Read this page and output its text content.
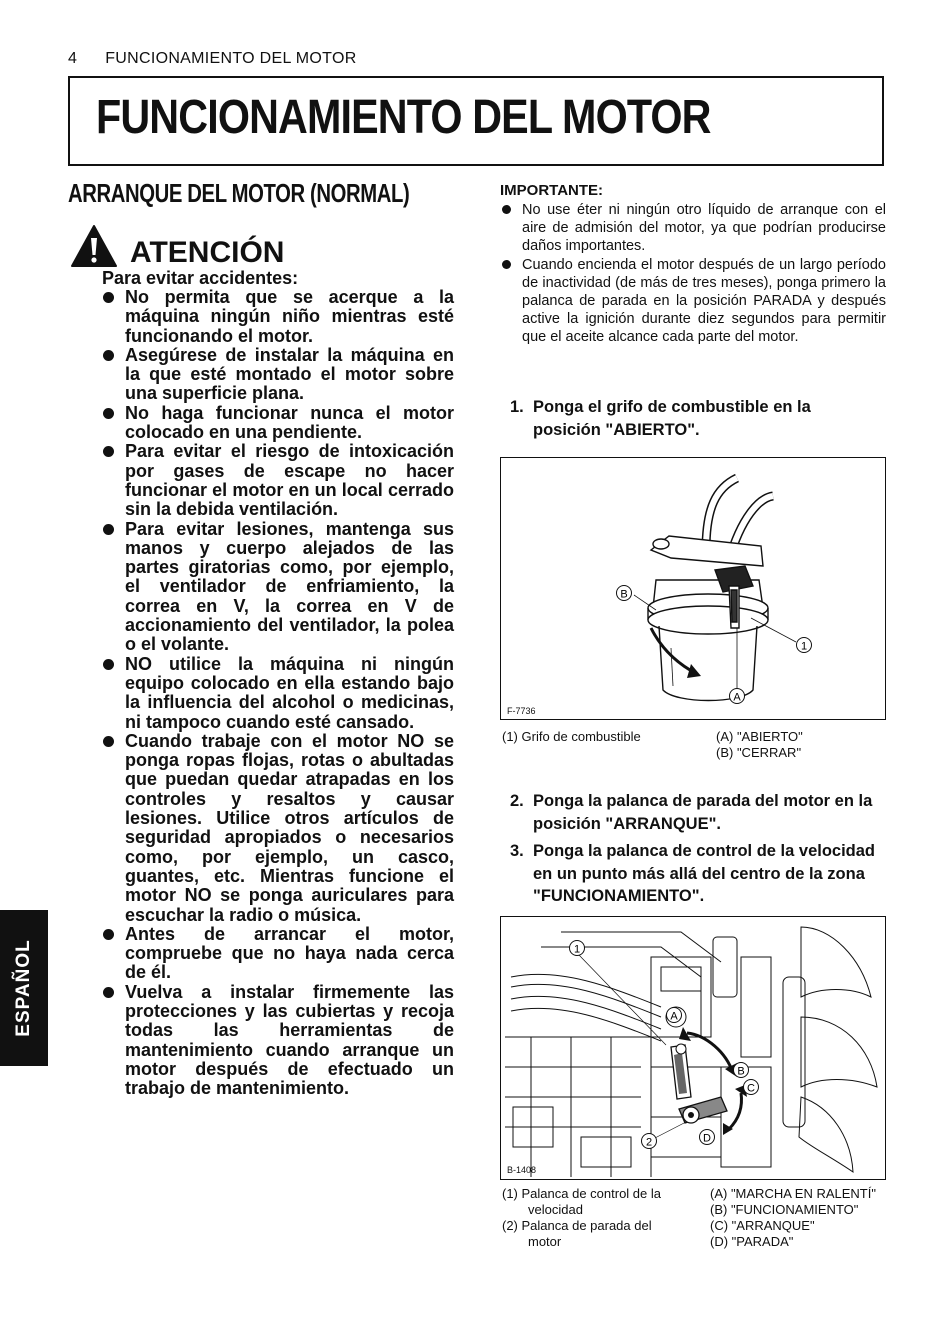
4 FUNCIONAMIENTO DEL MOTOR
FUNCIONAMIENTO DEL MOTOR
ARRANQUE DEL MOTOR (NORMAL)
ATENCIÓN
Para evitar accidentes:
No permita que se acerque a la máquina ningún niño mientras esté funcionando el motor.
Asegúrese de instalar la máquina en la que esté montado el motor sobre una superficie plana.
No haga funcionar nunca el motor colocado en una pendiente.
Para evitar el riesgo de intoxicación por gases de escape no hacer funcionar el motor en un local cerrado sin la debida ventilación.
Para evitar lesiones, mantenga sus manos y cuerpo alejados de las partes giratorias como, por ejemplo, el ventilador de enfriamiento, la correa en V, la correa en V de accionamiento del ventilador, la polea o el volante.
NO utilice la máquina ni ningún equipo colocado en ella estando bajo la influencia del alcohol o medicinas, ni tampoco cuando esté cansado.
Cuando trabaje con el motor NO se ponga ropas flojas, rotas o abultadas que puedan quedar atrapadas en los controles y resaltos y causar lesiones. Utilice otros artículos de seguridad apropiados o necesarios como, por ejemplo, un casco, guantes, etc. Mientras funcione el motor NO se ponga auriculares para escuchar la radio o música.
Antes de arrancar el motor, compruebe que no haya nada cerca de él.
Vuelva a instalar firmemente las protecciones y las cubiertas y recoja todas las herramientas de mantenimiento cuando arranque un motor después de efectuado un trabajo de mantenimiento.
IMPORTANTE:
No use éter ni ningún otro líquido de arranque con el aire de admisión del motor, ya que podrían producirse daños importantes.
Cuando encienda el motor después de un largo período de inactividad (de más de tres meses), ponga primero la palanca de parada en la posición PARADA y después active la ignición durante diez segundos para permitir que el aceite alcance cada parte del motor.
1. Ponga el grifo de combustible en la posición "ABIERTO".
B
1
A
F-7736
(1) Grifo de combustible	(A) "ABIERTO"
(B) "CERRAR"
2. Ponga la palanca de parada del motor en la posición "ARRANQUE".
3. Ponga la palanca de control de la velocidad en un punto más allá del centro de la zona "FUNCIONAMIENTO".
1
2
A
B
C
D
B-1408
(1) Palanca de control de la
velocidad
(2) Palanca de parada del
motor
(A) "MARCHA EN RALENTÍ"
(B) "FUNCIONAMIENTO"
(C) "ARRANQUE"
(D) "PARADA"
ESPAÑOL
